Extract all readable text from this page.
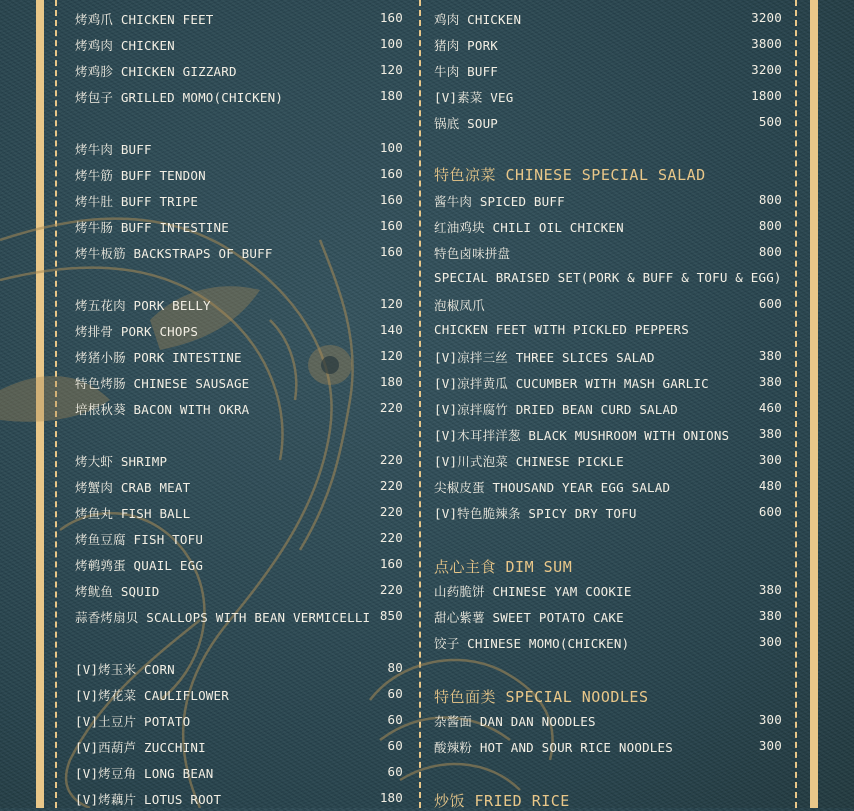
烤鸡爪 CHICKEN FEET	160
烤鸡肉 CHICKEN	100
烤鸡胗 CHICKEN GIZZARD	120
烤包子 GRILLED MOMO(CHICKEN)	180
烤牛肉 BUFF	100
烤牛筋 BUFF TENDON	160
烤牛肚 BUFF TRIPE	160
烤牛肠 BUFF INTESTINE	160
烤牛板筋 BACKSTRAPS OF BUFF	160
烤五花肉 PORK BELLY	120
烤排骨 PORK CHOPS	140
烤猪小肠 PORK INTESTINE	120
特色烤肠 CHINESE SAUSAGE	180
培根秋葵 BACON WITH OKRA	220
烤大虾 SHRIMP	220
烤蟹肉 CRAB MEAT	220
烤鱼丸 FISH BALL	220
烤鱼豆腐 FISH TOFU	220
烤鹌鹑蛋 QUAIL EGG	160
烤鱿鱼 SQUID	220
蒜香烤扇贝 SCALLOPS WITH BEAN VERMICELLI 850
[V]烤玉米 CORN	80
[V]烤花菜 CAULIFLOWER	60
[V]土豆片 POTATO	60
[V]西葫芦 ZUCCHINI	60
[V]烤豆角 LONG BEAN	60
[V]烤藕片 LOTUS ROOT	180
鸡肉 CHICKEN	3200
猪肉 PORK	3800
牛肉 BUFF	3200
[V]素菜 VEG	1800
锅底 SOUP	500
特色凉菜 CHINESE SPECIAL SALAD
酱牛肉 SPICED BUFF	800
红油鸡块 CHILI OIL CHICKEN	800
特色卤味拼盘	800
SPECIAL BRAISED SET(PORK & BUFF & TOFU & EGG)
泡椒凤爪	600
CHICKEN FEET WITH PICKLED PEPPERS
[V]凉拌三丝 THREE SLICES SALAD	380
[V]凉拌黄瓜 CUCUMBER WITH MASH GARLIC	380
[V]凉拌腐竹 DRIED BEAN CURD SALAD	460
[V]木耳拌洋葱 BLACK MUSHROOM WITH ONIONS 380
[V]川式泡菜 CHINESE PICKLE	300
尖椒皮蛋 THOUSAND YEAR EGG SALAD	480
[V]特色脆辣条 SPICY DRY TOFU	600
点心主食 DIM SUM
山药脆饼 CHINESE YAM COOKIE	380
甜心紫薯 SWEET POTATO CAKE	380
饺子 CHINESE MOMO(CHICKEN)	300
特色面类 SPECIAL NOODLES
杂酱面 DAN DAN NOODLES	300
酸辣粉 HOT AND SOUR RICE NOODLES	300
炒饭 FRIED RICE
